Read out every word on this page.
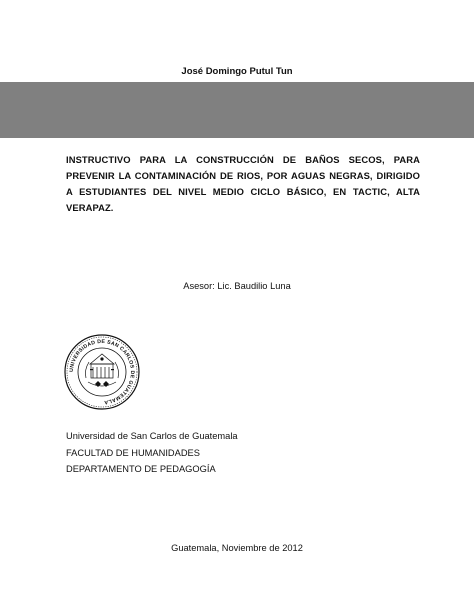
José Domingo Putul Tun
INSTRUCTIVO PARA LA CONSTRUCCIÓN DE BAÑOS SECOS, PARA PREVENIR LA CONTAMINACIÓN DE RIOS, POR AGUAS NEGRAS, DIRIGIDO A ESTUDIANTES DEL NIVEL MEDIO CICLO BÁSICO, EN TACTIC, ALTA VERAPAZ.
Asesor: Lic. Baudilio Luna
UNIVERSIDAD DE SAN CARLOS DE GUATEMALA
Universidad de San Carlos de Guatemala
FACULTAD DE HUMANIDADES
DEPARTAMENTO DE PEDAGOGÍA
Guatemala, Noviembre de 2012
